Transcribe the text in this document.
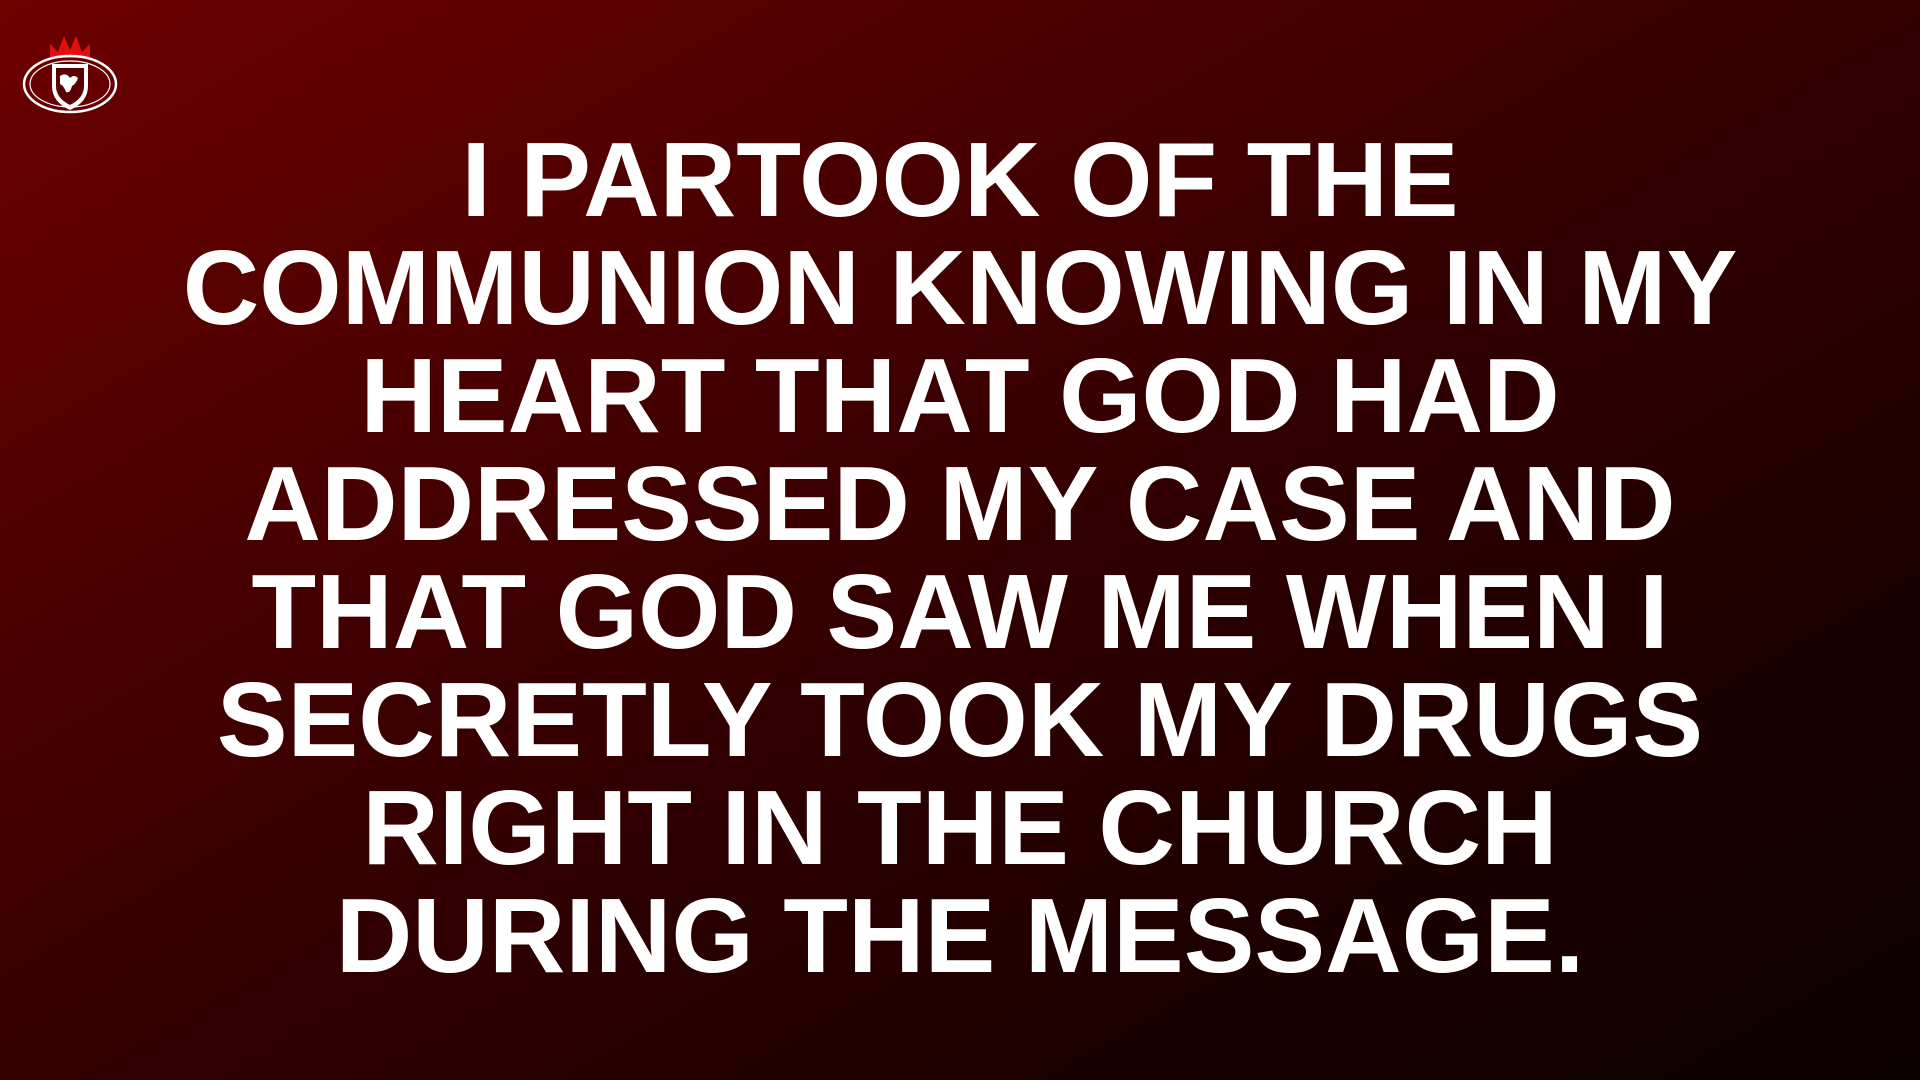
I PARTOOK OF THE
COMMUNION KNOWING IN MY
HEART THAT GOD HAD
ADDRESSED MY CASE AND
THAT GOD SAW ME WHEN I
SECRETLY TOOK MY DRUGS
RIGHT IN THE CHURCH
DURING THE MESSAGE.
